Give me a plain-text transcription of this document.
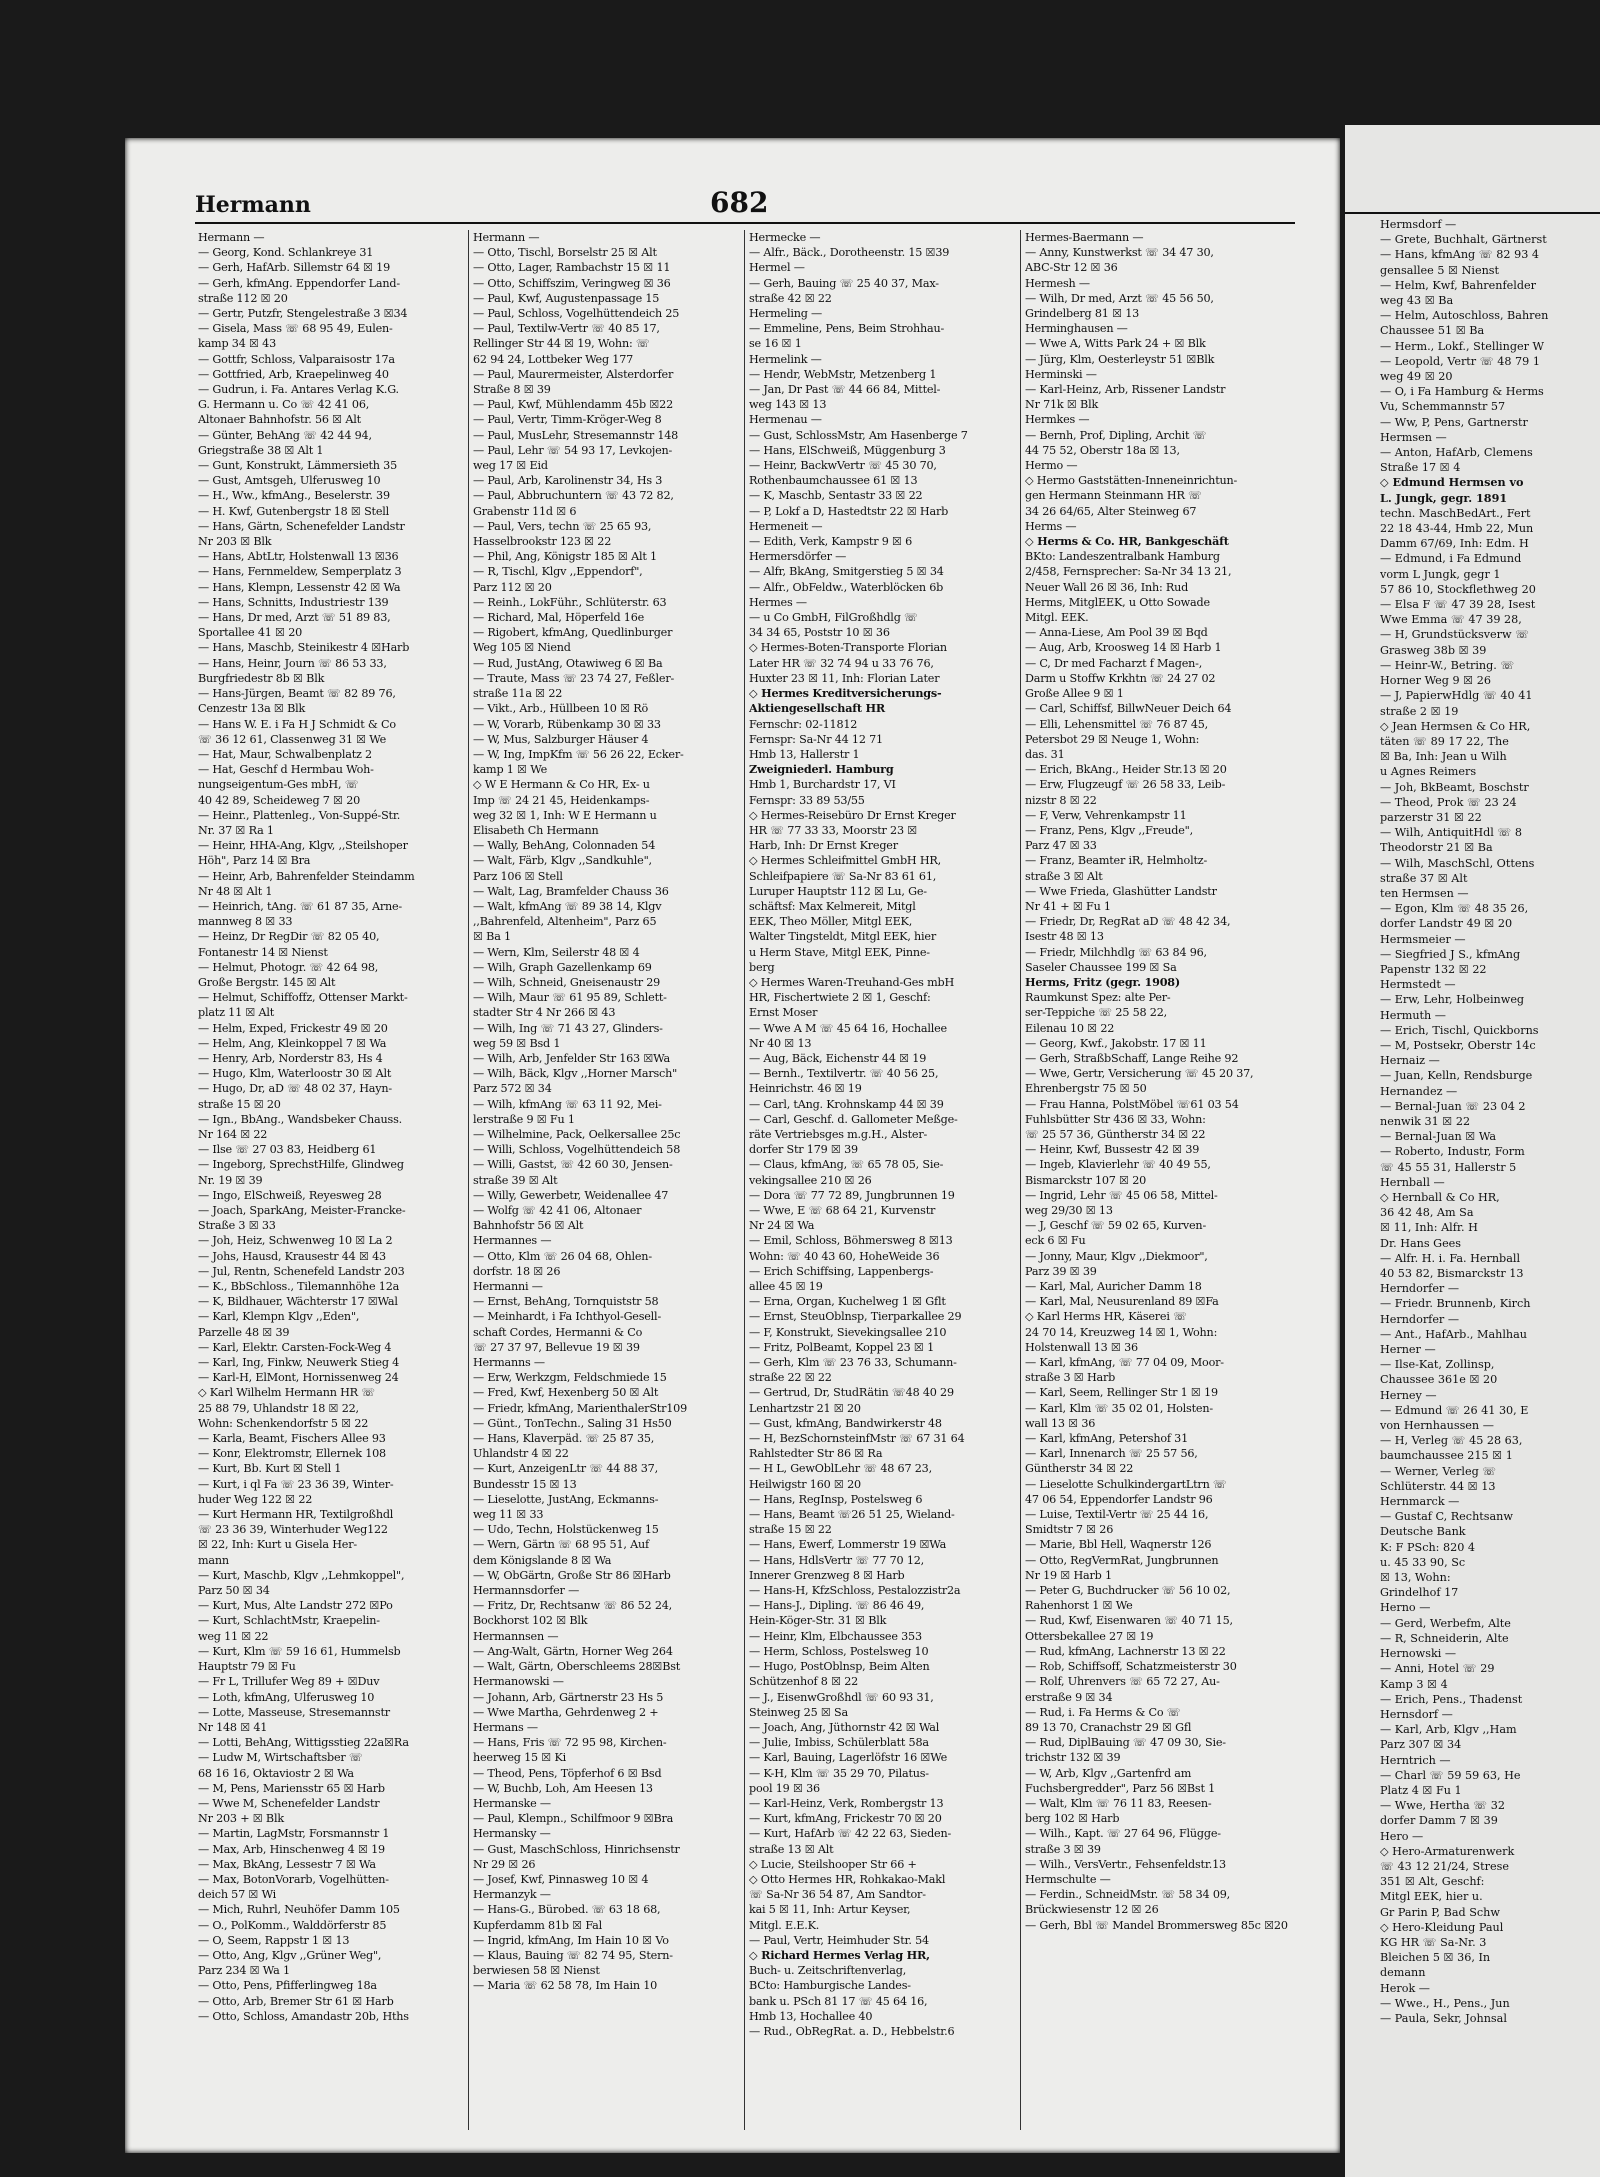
Hermann	682
Hermann —
— Georg, Kond. Schlankreye 31
— Gerh, HafArb. Sillemstr 64 ☒ 19
— Gerh, kfmAng. Eppendorfer Land-
straße 112 ☒ 20
— Gertr, Putzfr, Stengelestraße 3 ☒34
— Gisela, Mass ☏ 68 95 49, Eulen-
kamp 34 ☒ 43
— Gottfr, Schloss, Valparaisostr 17a
— Gottfried, Arb, Kraepelinweg 40
— Gudrun, i. Fa. Antares Verlag K.G.
G. Hermann u. Co ☏ 42 41 06,
Altonaer Bahnhofstr. 56 ☒ Alt
— Günter, BehAng ☏ 42 44 94,
Griegstraße 38 ☒ Alt 1
— Gunt, Konstrukt, Lämmersieth 35
— Gust, Amtsgeh, Ulferusweg 10
— H., Ww., kfmAng., Beselerstr. 39
— H. Kwf, Gutenbergstr 18 ☒ Stell
— Hans, Gärtn, Schenefelder Landstr
Nr 203 ☒ Blk
— Hans, AbtLtr, Holstenwall 13 ☒36
— Hans, Fernmeldew, Semperplatz 3
— Hans, Klempn, Lessenstr 42 ☒ Wa
— Hans, Schnitts, Industriestr 139
— Hans, Dr med, Arzt ☏ 51 89 83,
Sportallee 41 ☒ 20
— Hans, Maschb, Steinikestr 4 ☒Harb
— Hans, Heinr, Journ ☏ 86 53 33,
Burgfriedestr 8b ☒ Blk
— Hans-Jürgen, Beamt ☏ 82 89 76,
Cenzestr 13a ☒ Blk
— Hans W. E. i Fa H J Schmidt & Co
☏ 36 12 61, Classenweg 31 ☒ We
— Hat, Maur, Schwalbenplatz 2
— Hat, Geschf d Hermbau Woh-
nungseigentum-Ges mbH, ☏
40 42 89, Scheideweg 7 ☒ 20
— Heinr., Plattenleg., Von-Suppé-Str.
Nr. 37 ☒ Ra 1
— Heinr, HHA-Ang, Klgv, ,,Steilshoper
Höh", Parz 14 ☒ Bra
— Heinr, Arb, Bahrenfelder Steindamm
Nr 48 ☒ Alt 1
— Heinrich, tAng. ☏ 61 87 35, Arne-
mannweg 8 ☒ 33
— Heinz, Dr RegDir ☏ 82 05 40,
Fontanestr 14 ☒ Nienst
— Helmut, Photogr. ☏ 42 64 98,
Große Bergstr. 145 ☒ Alt
— Helmut, Schiffoffz, Ottenser Markt-
platz 11 ☒ Alt
— Helm, Exped, Frickestr 49 ☒ 20
— Helm, Ang, Kleinkoppel 7 ☒ Wa
— Henry, Arb, Norderstr 83, Hs 4
— Hugo, Klm, Waterloostr 30 ☒ Alt
— Hugo, Dr, aD ☏ 48 02 37, Hayn-
straße 15 ☒ 20
— Ign., BbAng., Wandsbeker Chauss.
Nr 164 ☒ 22
— Ilse ☏ 27 03 83, Heidberg 61
— Ingeborg, SprechstHilfe, Glindweg
Nr. 19 ☒ 39
— Ingo, ElSchweiß, Reyesweg 28
— Joach, SparkAng, Meister-Francke-
Straße 3 ☒ 33
— Joh, Heiz, Schwenweg 10 ☒ La 2
— Johs, Hausd, Krausestr 44 ☒ 43
— Jul, Rentn, Schenefeld Landstr 203
— K., BbSchloss., Tilemannhöhe 12a
— K, Bildhauer, Wächterstr 17 ☒Wal
— Karl, Klempn Klgv ,,Eden",
Parzelle 48 ☒ 39
— Karl, Elektr. Carsten-Fock-Weg 4
— Karl, Ing, Finkw, Neuwerk Stieg 4
— Karl-H, ElMont, Hornissenweg 24
◇ Karl Wilhelm Hermann HR ☏
25 88 79, Uhlandstr 18 ☒ 22,
Wohn: Schenkendorfstr 5 ☒ 22
— Karla, Beamt, Fischers Allee 93
— Konr, Elektromstr, Ellernek 108
— Kurt, Bb. Kurt ☒ Stell 1
— Kurt, i ql Fa ☏ 23 36 39, Winter-
huder Weg 122 ☒ 22
— Kurt Hermann HR, Textilgroßhdl
☏ 23 36 39, Winterhuder Weg122
☒ 22, Inh: Kurt u Gisela Her-
mann
— Kurt, Maschb, Klgv ,,Lehmkoppel",
Parz 50 ☒ 34
— Kurt, Mus, Alte Landstr 272 ☒Po
— Kurt, SchlachtMstr, Kraepelin-
weg 11 ☒ 22
— Kurt, Klm ☏ 59 16 61, Hummelsb
Hauptstr 79 ☒ Fu
— Fr L, Trillufer Weg 89 + ☒Duv
— Loth, kfmAng, Ulferusweg 10
— Lotte, Masseuse, Stresemannstr
Nr 148 ☒ 41
— Lotti, BehAng, Wittigsstieg 22a☒Ra
— Ludw M, Wirtschaftsber ☏
68 16 16, Oktaviostr 2 ☒ Wa
— M, Pens, Mariensstr 65 ☒ Harb
— Wwe M, Schenefelder Landstr
Nr 203 + ☒ Blk
— Martin, LagMstr, Forsmannstr 1
— Max, Arb, Hinschenweg 4 ☒ 19
— Max, BkAng, Lessestr 7 ☒ Wa
— Max, BotonVorarb, Vogelhütten-
deich 57 ☒ Wi
— Mich, Ruhrl, Neuhöfer Damm 105
— O., PolKomm., Walddörferstr 85
— O, Seem, Rappstr 1 ☒ 13
— Otto, Ang, Klgv ,,Grüner Weg",
Parz 234 ☒ Wa 1
— Otto, Pens, Pfifferlingweg 18a
— Otto, Arb, Bremer Str 61 ☒ Harb
— Otto, Schloss, Amandastr 20b, Hths
Hermann —
— Otto, Tischl, Borselstr 25 ☒ Alt
— Otto, Lager, Rambachstr 15 ☒ 11
— Otto, Schiffszim, Veringweg ☒ 36
— Paul, Kwf, Augustenpassage 15
— Paul, Schloss, Vogelhüttendeich 25
— Paul, Textilw-Vertr ☏ 40 85 17,
Rellinger Str 44 ☒ 19, Wohn: ☏
62 94 24, Lottbeker Weg 177
— Paul, Maurermeister, Alsterdorfer
Straße 8 ☒ 39
— Paul, Kwf, Mühlendamm 45b ☒22
— Paul, Vertr, Timm-Kröger-Weg 8
— Paul, MusLehr, Stresemannstr 148
— Paul, Lehr ☏ 54 93 17, Levkojen-
weg 17 ☒ Eid
— Paul, Arb, Karolinenstr 34, Hs 3
— Paul, Abbruchuntern ☏ 43 72 82,
Grabenstr 11d ☒ 6
— Paul, Vers, techn ☏ 25 65 93,
Hasselbrookstr 123 ☒ 22
— Phil, Ang, Königstr 185 ☒ Alt 1
— R, Tischl, Klgv ,,Eppendorf",
Parz 112 ☒ 20
— Reinh., LokFühr., Schlüterstr. 63
— Richard, Mal, Höperfeld 16e
— Rigobert, kfmAng, Quedlinburger
Weg 105 ☒ Niend
— Rud, JustAng, Otawiweg 6 ☒ Ba
— Traute, Mass ☏ 23 74 27, Feßler-
straße 11a ☒ 22
— Vikt., Arb., Hüllbeen 10 ☒ Rö
— W, Vorarb, Rübenkamp 30 ☒ 33
— W, Mus, Salzburger Häuser 4
— W, Ing, ImpKfm ☏ 56 26 22, Ecker-
kamp 1 ☒ We
◇ W E Hermann & Co HR, Ex- u
Imp ☏ 24 21 45, Heidenkamps-
weg 32 ☒ 1, Inh: W E Hermann u
Elisabeth Ch Hermann
— Wally, BehAng, Colonnaden 54
— Walt, Färb, Klgv ,,Sandkuhle",
Parz 106 ☒ Stell
— Walt, Lag, Bramfelder Chauss 36
— Walt, kfmAng ☏ 89 38 14, Klgv
,,Bahrenfeld, Altenheim", Parz 65
☒ Ba 1
— Wern, Klm, Seilerstr 48 ☒ 4
— Wilh, Graph Gazellenkamp 69
— Wilh, Schneid, Gneisenaustr 29
— Wilh, Maur ☏ 61 95 89, Schlett-
stadter Str 4 Nr 266 ☒ 43
— Wilh, Ing ☏ 71 43 27, Glinders-
weg 59 ☒ Bsd 1
— Wilh, Arb, Jenfelder Str 163 ☒Wa
— Wilh, Bäck, Klgv ,,Horner Marsch"
Parz 572 ☒ 34
— Wilh, kfmAng ☏ 63 11 92, Mei-
lerstraße 9 ☒ Fu 1
— Wilhelmine, Pack, Oelkersallee 25c
— Willi, Schloss, Vogelhüttendeich 58
— Willi, Gastst, ☏ 42 60 30, Jensen-
straße 39 ☒ Alt
— Willy, Gewerbetr, Weidenallee 47
— Wolfg ☏ 42 41 06, Altonaer
Bahnhofstr 56 ☒ Alt
Hermannes —
— Otto, Klm ☏ 26 04 68, Ohlen-
dorfstr. 18 ☒ 26
Hermanni —
— Ernst, BehAng, Tornquiststr 58
— Meinhardt, i Fa Ichthyol-Gesell-
schaft Cordes, Hermanni & Co
☏ 27 37 97, Bellevue 19 ☒ 39
Hermanns —
— Erw, Werkzgm, Feldschmiede 15
— Fred, Kwf, Hexenberg 50 ☒ Alt
— Friedr, kfmAng, MarienthalerStr109
— Günt., TonTechn., Saling 31 Hs50
— Hans, Klaverpäd. ☏ 25 87 35,
Uhlandstr 4 ☒ 22
— Kurt, AnzeigenLtr ☏ 44 88 37,
Bundesstr 15 ☒ 13
— Lieselotte, JustAng, Eckmanns-
weg 11 ☒ 33
— Udo, Techn, Holstückenweg 15
— Wern, Gärtn ☏ 68 95 51, Auf
dem Königslande 8 ☒ Wa
— W, ObGärtn, Große Str 86 ☒Harb
Hermannsdorfer —
— Fritz, Dr, Rechtsanw ☏ 86 52 24,
Bockhorst 102 ☒ Blk
Hermannsen —
— Ang-Walt, Gärtn, Horner Weg 264
— Walt, Gärtn, Oberschleems 28☒Bst
Hermanowski —
— Johann, Arb, Gärtnerstr 23 Hs 5
— Wwe Martha, Gehrdenweg 2 +
Hermans —
— Hans, Fris ☏ 72 95 98, Kirchen-
heerweg 15 ☒ Ki
— Theod, Pens, Töpferhof 6 ☒ Bsd
— W, Buchb, Loh, Am Heesen 13
Hermanske —
— Paul, Klempn., Schilfmoor 9 ☒Bra
Hermansky —
— Gust, MaschSchloss, Hinrichsenstr
Nr 29 ☒ 26
— Josef, Kwf, Pinnasweg 10 ☒ 4
Hermanzyk —
— Hans-G., Bürobed. ☏ 63 18 68,
Kupferdamm 81b ☒ Fal
— Ingrid, kfmAng, Im Hain 10 ☒ Vo
— Klaus, Bauing ☏ 82 74 95, Stern-
berwiesen 58 ☒ Nienst
— Maria ☏ 62 58 78, Im Hain 10
Hermecke —
— Alfr., Bäck., Dorotheenstr. 15 ☒39
Hermel —
— Gerh, Bauing ☏ 25 40 37, Max-
straße 42 ☒ 22
Hermeling —
— Emmeline, Pens, Beim Strohhau-
se 16 ☒ 1
Hermelink —
— Hendr, WebMstr, Metzenberg 1
— Jan, Dr Past ☏ 44 66 84, Mittel-
weg 143 ☒ 13
Hermenau —
— Gust, SchlossMstr, Am Hasenberge 7
— Hans, ElSchweiß, Müggenburg 3
— Heinr, BackwVertr ☏ 45 30 70,
Rothenbaumchaussee 61 ☒ 13
— K, Maschb, Sentastr 33 ☒ 22
— P, Lokf a D, Hastedtstr 22 ☒ Harb
Hermeneit —
— Edith, Verk, Kampstr 9 ☒ 6
Hermersdörfer —
— Alfr, BkAng, Smitgerstieg 5 ☒ 34
— Alfr., ObFeldw., Waterblöcken 6b
Hermes —
— u Co GmbH, FilGroßhdlg ☏
34 34 65, Poststr 10 ☒ 36
◇ Hermes-Boten-Transporte Florian
Later HR ☏ 32 74 94 u 33 76 76,
Huxter 23 ☒ 11, Inh: Florian Later
◇ Hermes Kreditversicherungs-
Aktiengesellschaft HR
Fernschr: 02-11812
Fernspr: Sa-Nr 44 12 71
Hmb 13, Hallerstr 1
Zweigniederl. Hamburg
Hmb 1, Burchardstr 17, VI
Fernspr: 33 89 53/55
◇ Hermes-Reisebüro Dr Ernst Kreger
HR ☏ 77 33 33, Moorstr 23 ☒
Harb, Inh: Dr Ernst Kreger
◇ Hermes Schleifmittel GmbH HR,
Schleifpapiere ☏ Sa-Nr 83 61 61,
Luruper Hauptstr 112 ☒ Lu, Ge-
schäftsf: Max Kelmereit, Mitgl
EEK, Theo Möller, Mitgl EEK,
Walter Tingsteldt, Mitgl EEK, hier
u Herm Stave, Mitgl EEK, Pinne-
berg
◇ Hermes Waren-Treuhand-Ges mbH
HR, Fischertwiete 2 ☒ 1, Geschf:
Ernst Moser
— Wwe A M ☏ 45 64 16, Hochallee
Nr 40 ☒ 13
— Aug, Bäck, Eichenstr 44 ☒ 19
— Bernh., Textilvertr. ☏ 40 56 25,
Heinrichstr. 46 ☒ 19
— Carl, tAng. Krohnskamp 44 ☒ 39
— Carl, Geschf. d. Gallometer Meßge-
räte Vertriebsges m.g.H., Alster-
dorfer Str 179 ☒ 39
— Claus, kfmAng, ☏ 65 78 05, Sie-
vekingsallee 210 ☒ 26
— Dora ☏ 77 72 89, Jungbrunnen 19
— Wwe, E ☏ 68 64 21, Kurvenstr
Nr 24 ☒ Wa
— Emil, Schloss, Böhmersweg 8 ☒13
Wohn: ☏ 40 43 60, HoheWeide 36
— Erich Schiffsing, Lappenbergs-
allee 45 ☒ 19
— Erna, Organ, Kuchelweg 1 ☒ Gflt
— Ernst, SteuOblnsp, Tierparkallee 29
— F, Konstrukt, Sievekingsallee 210
— Fritz, PolBeamt, Koppel 23 ☒ 1
— Gerh, Klm ☏ 23 76 33, Schumann-
straße 22 ☒ 22
— Gertrud, Dr, StudRätin ☏48 40 29
Lenhartzstr 21 ☒ 20
— Gust, kfmAng, Bandwirkerstr 48
— H, BezSchornsteinfMstr ☏ 67 31 64
Rahlstedter Str 86 ☒ Ra
— H L, GewOblLehr ☏ 48 67 23,
Heilwigstr 160 ☒ 20
— Hans, RegInsp, Postelsweg 6
— Hans, Beamt ☏26 51 25, Wieland-
straße 15 ☒ 22
— Hans, Ewerf, Lommerstr 19 ☒Wa
— Hans, HdlsVertr ☏ 77 70 12,
Innerer Grenzweg 8 ☒ Harb
— Hans-H, KfzSchloss, Pestalozzistr2a
— Hans-J., Dipling. ☏ 86 46 49,
Hein-Köger-Str. 31 ☒ Blk
— Heinr, Klm, Elbchaussee 353
— Herm, Schloss, Postelsweg 10
— Hugo, PostOblnsp, Beim Alten
Schützenhof 8 ☒ 22
— J., EisenwGroßhdl ☏ 60 93 31,
Steinweg 25 ☒ Sa
— Joach, Ang, Jüthornstr 42 ☒ Wal
— Julie, Imbiss, Schülerblatt 58a
— Karl, Bauing, Lagerlöfstr 16 ☒We
— K-H, Klm ☏ 35 29 70, Pilatus-
pool 19 ☒ 36
— Karl-Heinz, Verk, Rombergstr 13
— Kurt, kfmAng, Frickestr 70 ☒ 20
— Kurt, HafArb ☏ 42 22 63, Sieden-
straße 13 ☒ Alt
◇ Lucie, Steilshooper Str 66 +
◇ Otto Hermes HR, Rohkakao-Makl
☏ Sa-Nr 36 54 87, Am Sandtor-
kai 5 ☒ 11, Inh: Artur Keyser,
Mitgl. E.E.K.
— Paul, Vertr, Heimhuder Str. 54
◇ Richard Hermes Verlag HR,
Buch- u. Zeitschriftenverlag,
BCto: Hamburgische Landes-
bank u. PSch 81 17 ☏ 45 64 16,
Hmb 13, Hochallee 40
— Rud., ObRegRat. a. D., Hebbelstr.6
Hermes-Baermann —
— Anny, Kunstwerkst ☏ 34 47 30,
ABC-Str 12 ☒ 36
Hermesh —
— Wilh, Dr med, Arzt ☏ 45 56 50,
Grindelberg 81 ☒ 13
Herminghausen —
— Wwe A, Witts Park 24 + ☒ Blk
— Jürg, Klm, Oesterleystr 51 ☒Blk
Herminski —
— Karl-Heinz, Arb, Rissener Landstr
Nr 71k ☒ Blk
Hermkes —
— Bernh, Prof, Dipling, Archit ☏
44 75 52, Oberstr 18a ☒ 13,
Hermo —
◇ Hermo Gaststätten-Inneneinrichtun-
gen Hermann Steinmann HR ☏
34 26 64/65, Alter Steinweg 67
Herms —
◇ Herms & Co. HR, Bankgeschäft
BKto: Landeszentralbank Hamburg
2/458, Fernsprecher: Sa-Nr 34 13 21,
Neuer Wall 26 ☒ 36, Inh: Rud
Herms, MitglEEK, u Otto Sowade
Mitgl. EEK.
— Anna-Liese, Am Pool 39 ☒ Bqd
— Aug, Arb, Kroosweg 14 ☒ Harb 1
— C, Dr med Facharzt f Magen-,
Darm u Stoffw Krkhtn ☏ 24 27 02
Große Allee 9 ☒ 1
— Carl, Schiffsf, BillwNeuer Deich 64
— Elli, Lehensmittel ☏ 76 87 45,
Petersbot 29 ☒ Neuge 1, Wohn:
das. 31
— Erich, BkAng., Heider Str.13 ☒ 20
— Erw, Flugzeugf ☏ 26 58 33, Leib-
nizstr 8 ☒ 22
— F, Verw, Vehrenkampstr 11
— Franz, Pens, Klgv ,,Freude",
Parz 47 ☒ 33
— Franz, Beamter iR, Helmholtz-
straße 3 ☒ Alt
— Wwe Frieda, Glashütter Landstr
Nr 41 + ☒ Fu 1
— Friedr, Dr, RegRat aD ☏ 48 42 34,
Isestr 48 ☒ 13
— Friedr, Milchhdlg ☏ 63 84 96,
Saseler Chaussee 199 ☒ Sa
Herms, Fritz (gegr. 1908)
Raumkunst Spez: alte Per-
ser-Teppiche ☏ 25 58 22,
Eilenau 10 ☒ 22
— Georg, Kwf., Jakobstr. 17 ☒ 11
— Gerh, StraßbSchaff, Lange Reihe 92
— Wwe, Gertr, Versicherung ☏ 45 20 37,
Ehrenbergstr 75 ☒ 50
— Frau Hanna, PolstMöbel ☏61 03 54
Fuhlsbütter Str 436 ☒ 33, Wohn:
☏ 25 57 36, Güntherstr 34 ☒ 22
— Heinr, Kwf, Bussestr 42 ☒ 39
— Ingeb, Klavierlehr ☏ 40 49 55,
Bismarckstr 107 ☒ 20
— Ingrid, Lehr ☏ 45 06 58, Mittel-
weg 29/30 ☒ 13
— J, Geschf ☏ 59 02 65, Kurven-
eck 6 ☒ Fu
— Jonny, Maur, Klgv ,,Diekmoor",
Parz 39 ☒ 39
— Karl, Mal, Auricher Damm 18
— Karl, Mal, Neusurenland 89 ☒Fa
◇ Karl Herms HR, Käserei ☏
24 70 14, Kreuzweg 14 ☒ 1, Wohn:
Holstenwall 13 ☒ 36
— Karl, kfmAng, ☏ 77 04 09, Moor-
straße 3 ☒ Harb
— Karl, Seem, Rellinger Str 1 ☒ 19
— Karl, Klm ☏ 35 02 01, Holsten-
wall 13 ☒ 36
— Karl, kfmAng, Petershof 31
— Karl, Innenarch ☏ 25 57 56,
Güntherstr 34 ☒ 22
— Lieselotte SchulkindergartLtrn ☏
47 06 54, Eppendorfer Landstr 96
— Luise, Textil-Vertr ☏ 25 44 16,
Smidtstr 7 ☒ 26
— Marie, Bbl Hell, Waqnerstr 126
— Otto, RegVermRat, Jungbrunnen
Nr 19 ☒ Harb 1
— Peter G, Buchdrucker ☏ 56 10 02,
Rahenhorst 1 ☒ We
— Rud, Kwf, Eisenwaren ☏ 40 71 15,
Ottersbekallee 27 ☒ 19
— Rud, kfmAng, Lachnerstr 13 ☒ 22
— Rob, Schiffsoff, Schatzmeisterstr 30
— Rolf, Uhrenvers ☏ 65 72 27, Au-
erstraße 9 ☒ 34
— Rud, i. Fa Herms & Co ☏
89 13 70, Cranachstr 29 ☒ Gfl
— Rud, DiplBauing ☏ 47 09 30, Sie-
trichstr 132 ☒ 39
— W, Arb, Klgv ,,Gartenfrd am
Fuchsbergredder", Parz 56 ☒Bst 1
— Walt, Klm ☏ 76 11 83, Reesen-
berg 102 ☒ Harb
— Wilh., Kapt. ☏ 27 64 96, Flügge-
straße 3 ☒ 39
— Wilh., VersVertr., Fehsenfeldstr.13
Hermschulte —
— Ferdin., SchneidMstr. ☏ 58 34 09,
Brückwiesenstr 12 ☒ 26
— Gerh, Bbl ☏ Mandel Brommersweg 85c ☒20
Hermsdorf —
— Grete, Buchhalt, Gärtnerst
— Hans, kfmAng ☏ 82 93 4
gensallee 5 ☒ Nienst
— Helm, Kwf, Bahrenfelder
weg 43 ☒ Ba
— Helm, Autoschloss, Bahren
Chaussee 51 ☒ Ba
— Herm., Lokf., Stellinger W
— Leopold, Vertr ☏ 48 79 1
weg 49 ☒ 20
— O, i Fa Hamburg & Herms
Vu, Schemmannstr 57
— Ww, P, Pens, Gartnerstr
Hermsen —
— Anton, HafArb, Clemens
Straße 17 ☒ 4
◇ Edmund Hermsen vo
L. Jungk, gegr. 1891
techn. MaschBedArt., Fert
22 18 43-44, Hmb 22, Mun
Damm 67/69, Inh: Edm. H
— Edmund, i Fa Edmund
vorm L Jungk, gegr 1
57 86 10, Stockflethweg 20
— Elsa F ☏ 47 39 28, Isest
Wwe Emma ☏ 47 39 28,
— H, Grundstücksverw ☏
Grasweg 38b ☒ 39
— Heinr-W., Betring. ☏
Horner Weg 9 ☒ 26
— J, PapierwHdlg ☏ 40 41
straße 2 ☒ 19
◇ Jean Hermsen & Co HR,
täten ☏ 89 17 22, The
☒ Ba, Inh: Jean u Wilh
u Agnes Reimers
— Joh, BkBeamt, Boschstr
— Theod, Prok ☏ 23 24
parzerstr 31 ☒ 22
— Wilh, AntiquitHdl ☏ 8
Theodorstr 21 ☒ Ba
— Wilh, MaschSchl, Ottens
straße 37 ☒ Alt
ten Hermsen —
— Egon, Klm ☏ 48 35 26,
dorfer Landstr 49 ☒ 20
Hermsmeier —
— Siegfried J S., kfmAng
Papenstr 132 ☒ 22
Hermstedt —
— Erw, Lehr, Holbeinweg
Hermuth —
— Erich, Tischl, Quickborns
— M, Postsekr, Oberstr 14c
Hernaiz —
— Juan, Kelln, Rendsburge
Hernandez —
— Bernal-Juan ☏ 23 04 2
nenwik 31 ☒ 22
— Bernal-Juan ☒ Wa
— Roberto, Industr, Form
☏ 45 55 31, Hallerstr 5
Hernball —
◇ Hernball & Co HR,
36 42 48, Am Sa
☒ 11, Inh: Alfr. H
Dr. Hans Gees
— Alfr. H. i. Fa. Hernball
40 53 82, Bismarckstr 13
Herndorfer —
— Friedr. Brunnenb, Kirch
Herndorfer —
— Ant., HafArb., Mahlhau
Herner —
— Ilse-Kat, Zollinsp,
Chaussee 361e ☒ 20
Herney —
— Edmund ☏ 26 41 30, E
von Hernhaussen —
— H, Verleg ☏ 45 28 63,
baumchaussee 215 ☒ 1
— Werner, Verleg ☏
Schlüterstr. 44 ☒ 13
Hernmarck —
— Gustaf C, Rechtsanw
Deutsche Bank
K: F PSch: 820 4
u. 45 33 90, Sc
☒ 13, Wohn:
Grindelhof 17
Herno —
— Gerd, Werbefm, Alte
— R, Schneiderin, Alte
Hernowski —
— Anni, Hotel ☏ 29
Kamp 3 ☒ 4
— Erich, Pens., Thadenst
Hernsdorf —
— Karl, Arb, Klgv ,,Ham
Parz 307 ☒ 34
Herntrich —
— Charl ☏ 59 59 63, He
Platz 4 ☒ Fu 1
— Wwe, Hertha ☏ 32
dorfer Damm 7 ☒ 39
Hero —
◇ Hero-Armaturenwerk
☏ 43 12 21/24, Strese
351 ☒ Alt, Geschf:
Mitgl EEK, hier u.
Gr Parin P, Bad Schw
◇ Hero-Kleidung Paul
KG HR ☏ Sa-Nr. 3
Bleichen 5 ☒ 36, In
demann
Herok —
— Wwe., H., Pens., Jun
— Paula, Sekr, Johnsal
